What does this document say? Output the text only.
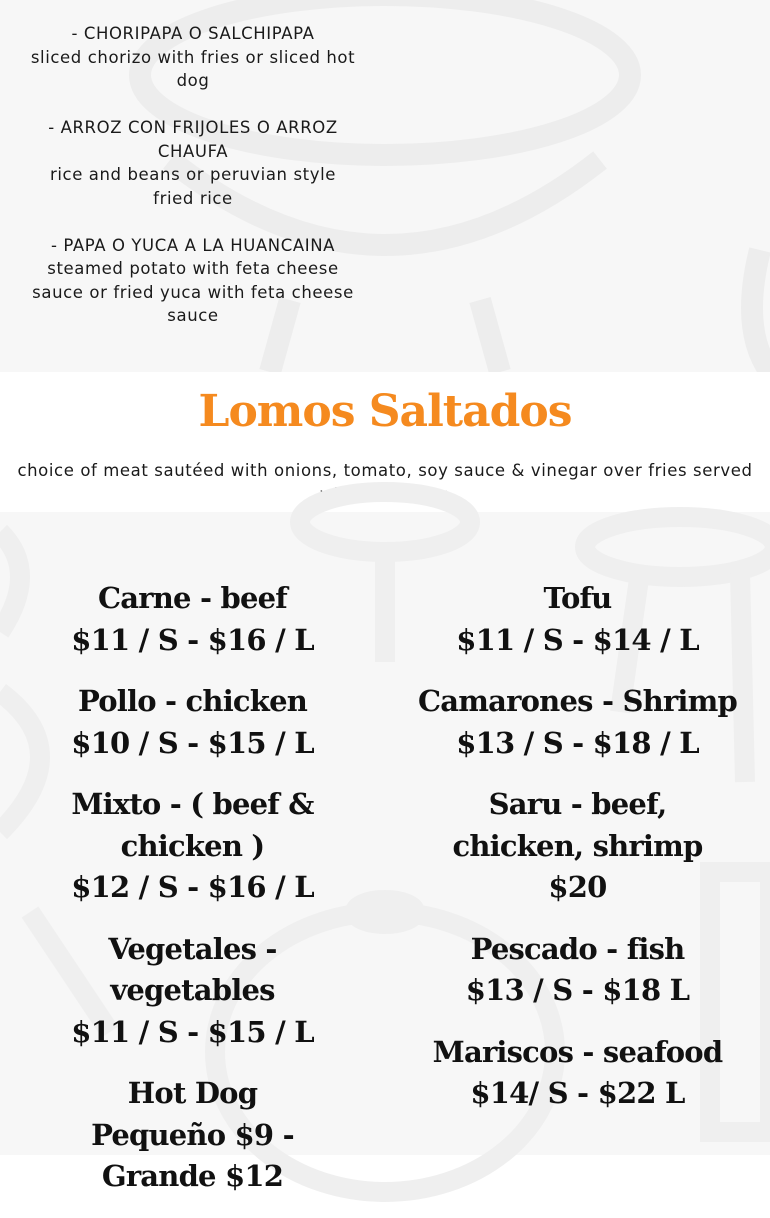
- CHORIPAPA O SALCHIPAPA
sliced chorizo with fries or sliced hot dog
- ARROZ CON FRIJOLES O ARROZ CHAUFA
rice and beans or peruvian style fried rice
- PAPA O YUCA A LA HUANCAINA
steamed potato with feta cheese sauce or fried yuca with feta cheese sauce
Lomos Saltados
choice of meat sautéed with onions, tomato, soy sauce & vinegar over fries served with white rice
Carne - beef
$11 / S - $16 / L
Pollo - chicken
$10 / S - $15 / L
Mixto - ( beef & chicken )
$12 / S - $16 / L
Vegetales - vegetables
$11 / S - $15 / L
Hot Dog
Pequeño $9 - Grande $12
Tofu
$11 / S - $14 / L
Camarones - Shrimp
$13 / S - $18 / L
Saru - beef, chicken, shrimp
$20
Pescado - fish
$13 / S - $18 L
Mariscos - seafood
$14/ S - $22 L
